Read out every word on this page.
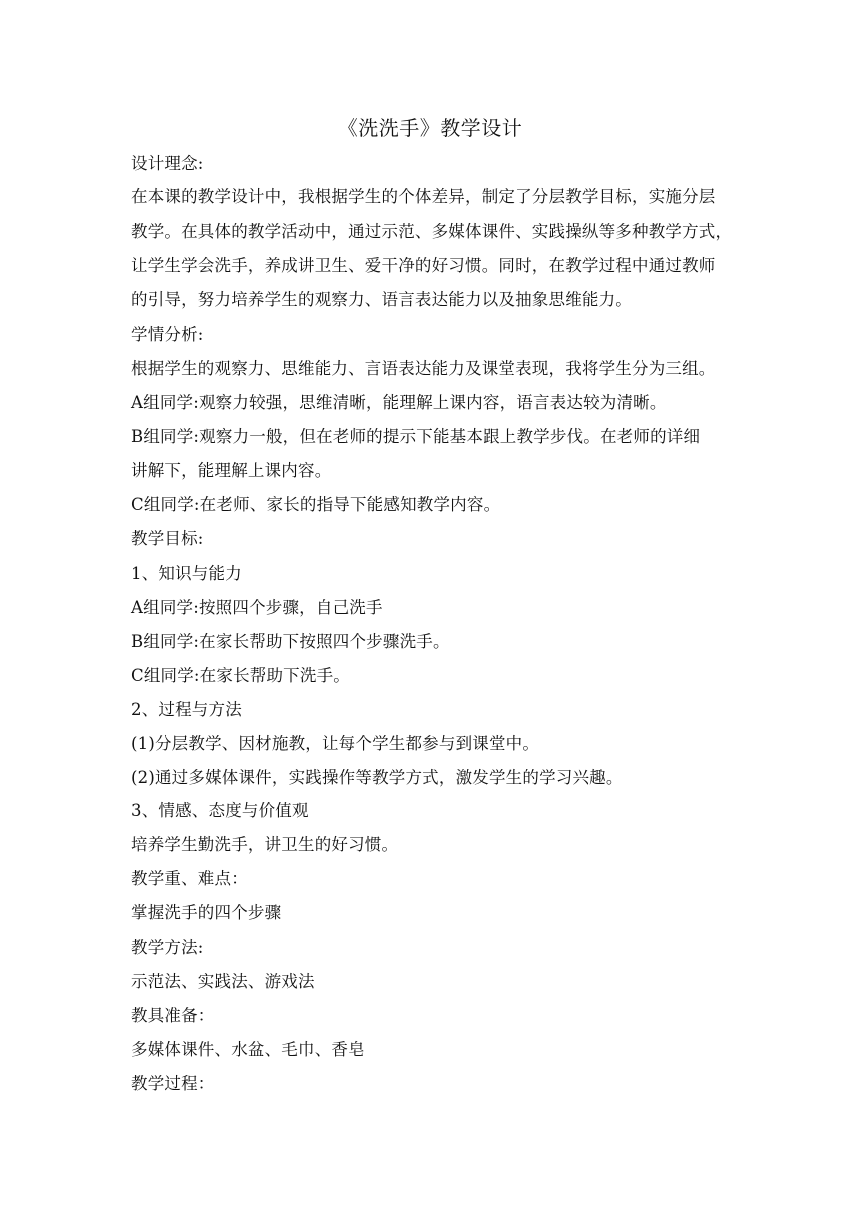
《洗洗手》教学设计
设计理念:
在本课的教学设计中，我根据学生的个体差异，制定了分层教学目标，实施分层
教学。在具体的教学活动中，通过示范、多媒体课件、实践操纵等多种教学方式，
让学生学会洗手，养成讲卫生、爱干净的好习惯。同时，在教学过程中通过教师
的引导，努力培养学生的观察力、语言表达能力以及抽象思维能力。
学情分析:
根据学生的观察力、思维能力、言语表达能力及课堂表现，我将学生分为三组。
A组同学:观察力较强，思维清晰，能理解上课内容，语言表达较为清晰。
B组同学:观察力一般，但在老师的提示下能基本跟上教学步伐。在老师的详细
讲解下，能理解上课内容。
C组同学:在老师、家长的指导下能感知教学内容。
教学目标:
1、知识与能力
A组同学:按照四个步骤，自己洗手
B组同学:在家长帮助下按照四个步骤洗手。
C组同学:在家长帮助下洗手。
2、过程与方法
(1)分层教学、因材施教，让每个学生都参与到课堂中。
(2)通过多媒体课件，实践操作等教学方式，激发学生的学习兴趣。
3、情感、态度与价值观
培养学生勤洗手，讲卫生的好习惯。
教学重、难点：
掌握洗手的四个步骤
教学方法:
示范法、实践法、游戏法
教具准备：
多媒体课件、水盆、毛巾、香皂
教学过程：
